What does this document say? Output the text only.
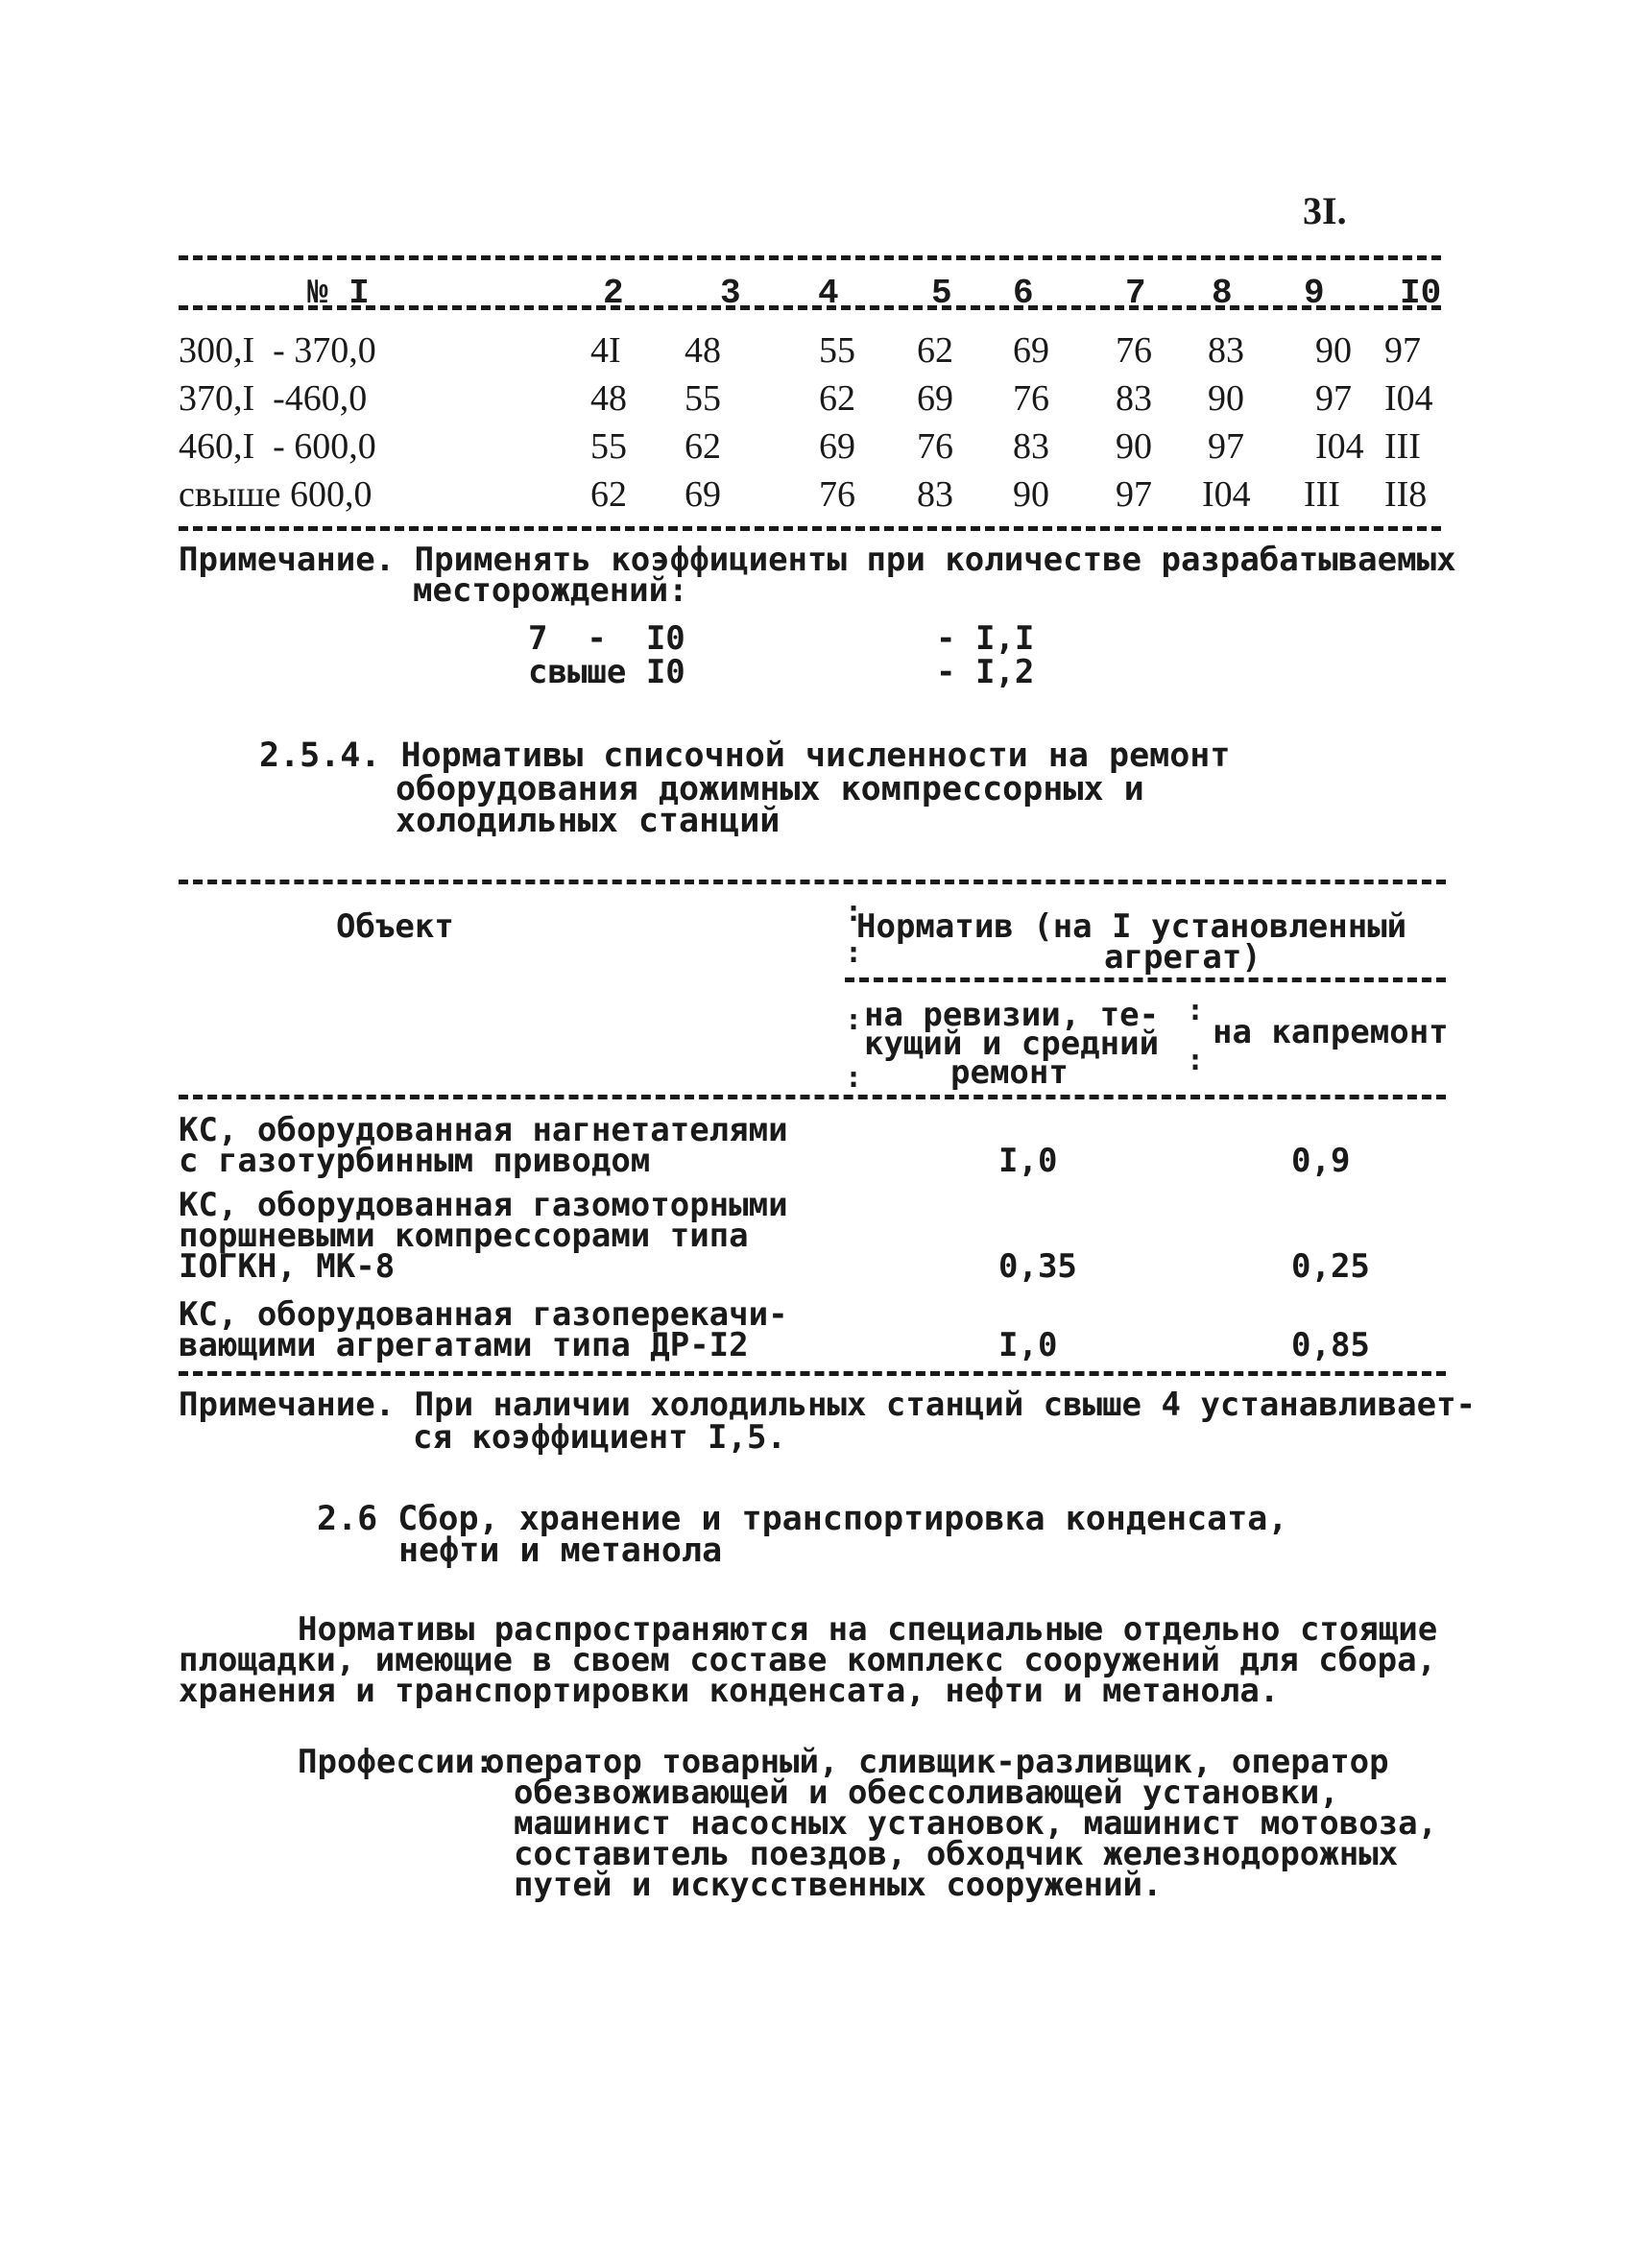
3I.
№ I	2	3 4	5 6	7 8 9 I0
300,I  - 370,0	4I 48	55 62 69 76 83 90 97
370,I  -460,0	48 55	62 69 76 83 90 97 I04
460,I  - 600,0	55 62	69 76 83 90 97 I04 III
свыше 600,0	62 69	76 83 90 97 I04 III II8
Примечание. Применять коэффициенты при количестве разрабатываемых
месторождений:
7  -  I0	- I,I
свыше I0	- I,2
2.5.4. Нормативы списочной численности на ремонт
оборудования дожимных компрессорных и
холодильных станций
Объект	Норматив (на I установленный
агрегат)
на ревизии, те-
кущий и средний
ремонт
на капремонт
:
:
:
:
:
:
КС, оборудованная нагнетателями
с газотурбинным приводом	I,0	0,9
КС, оборудованная газомоторными
поршневыми компрессорами типа
IОГКН, МК-8	0,35	0,25
КС, оборудованная газоперекачи-
вающими агрегатами типа ДР-I2	I,0	0,85
Примечание. При наличии холодильных станций свыше 4 устанавливает-
ся коэффициент I,5.
2.6 Сбор, хранение и транспортировка конденсата,
нефти и метанола
Нормативы распространяются на специальные отдельно стоящие
площадки, имеющие в своем составе комплекс сооружений для сбора,
хранения и транспортировки конденсата, нефти и метанола.
Профессии:
оператор товарный, сливщик-разливщик, оператор
обезвоживающей и обессоливающей установки,
машинист насосных установок, машинист мотовоза,
составитель поездов, обходчик железнодорожных
путей и искусственных сооружений.
